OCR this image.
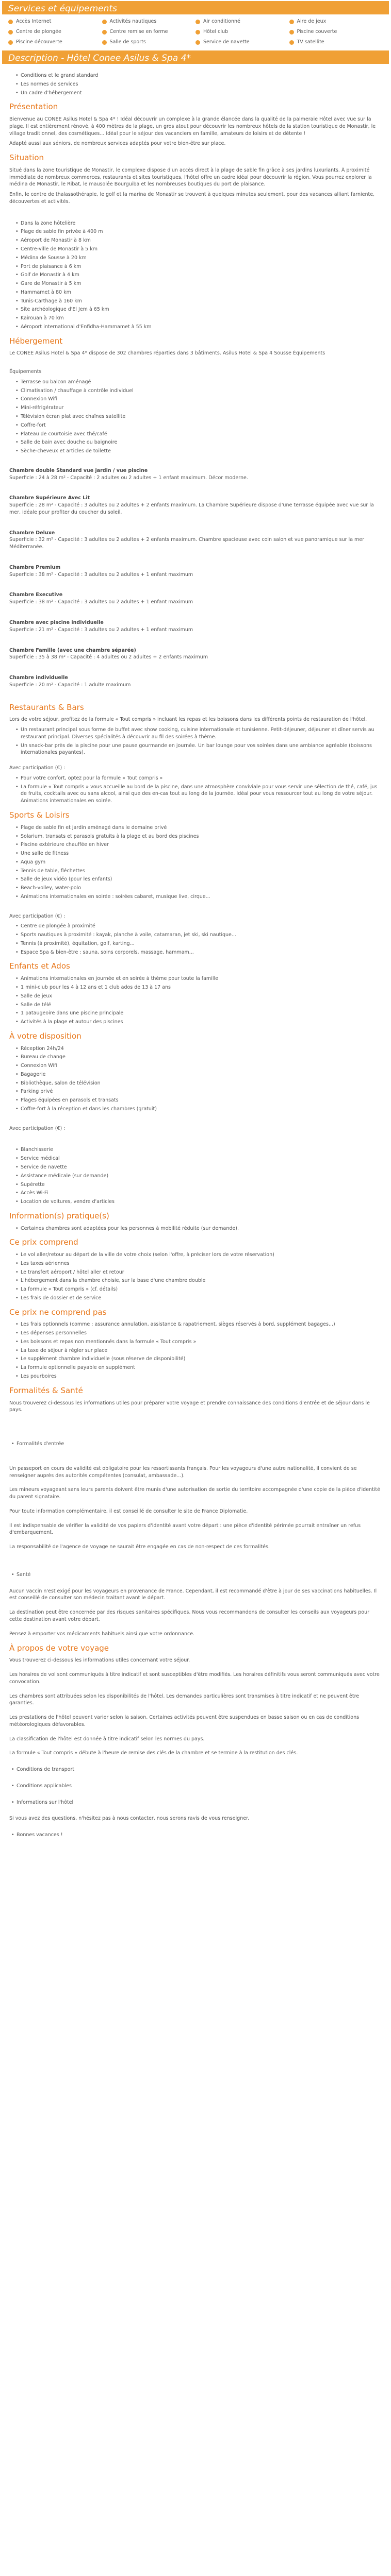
Services et équipements
Accès Internet	Activités nautiques	Air conditionné	Aire de jeux
Centre de plongée	Centre remise en forme	Hôtel club	Piscine couverte
Piscine découverte	Salle de sports	Service de navette	TV satellite
Description - Hôtel Conee Asilus & Spa 4*
• Conditions et le grand standard
• Les normes de services
• Un cadre d'hébergement
Présentation

Bienvenue au CONEE Asilus Hotel & Spa 4* ! Idéal découvrir un complexe à la grande élancée dans la qualité de la palmeraie Hôtel avec vue sur la plage. Il est entièrement rénové, à 400 mètres de la plage, un gros atout pour découvrir les nombreux hôtels de la station touristique de Monastir, le village traditionnel, des cosmétiques... Idéal pour le séjour des vacanciers en famille, amateurs de loisirs et de détente !

Adapté aussi aux séniors, de nombreux services adaptés pour votre bien-être sur place.

Situation

Situé dans la zone touristique de Monastir, le complexe dispose d'un accès direct à la plage de sable fin grâce à ses jardins luxuriants. À proximité immédiate de nombreux commerces, restaurants et sites touristiques, l'hôtel offre un cadre idéal pour découvrir la région. Vous pourrez explorer la médina de Monastir, le Ribat, le mausolée Bourguiba et les nombreuses boutiques du port de plaisance.

Enfin, le centre de thalassothérapie, le golf et la marina de Monastir se trouvent à quelques minutes seulement, pour des vacances alliant farniente, découvertes et activités.

• Dans la zone hôtelière
• Plage de sable fin privée à 400 m
• Aéroport de Monastir à 8 km
• Centre-ville de Monastir à 5 km
• Médina de Sousse à 20 km
• Port de plaisance à 6 km
• Golf de Monastir à 4 km
• Gare de Monastir à 5 km
• Hammamet à 80 km
• Tunis-Carthage à 160 km
• Site archéologique d'El Jem à 65 km
• Kairouan à 70 km
• Aéroport international d'Enfidha-Hammamet à 55 km
Hébergement

Le CONEE Asilus Hotel & Spa 4* dispose de 302 chambres réparties dans 3 bâtiments. Asilus Hotel & Spa 4 Sousse Équipements

Équipements

• Terrasse ou balcon aménagé
• Climatisation / chauffage à contrôle individuel
• Connexion Wifi
• Mini-réfrigérateur
• Télévision écran plat avec chaînes satellite
• Coffre-fort
• Plateau de courtoisie avec thé/café
• Salle de bain avec douche ou baignoire
• Sèche-cheveux et articles de toilette
Chambre double Standard vue jardin / vue piscine
Superficie : 24 à 28 m² - Capacité : 2 adultes ou 2 adultes + 1 enfant maximum. Décor moderne.
Chambre Supérieure Avec Lit
Superficie : 28 m² - Capacité : 3 adultes ou 2 adultes + 2 enfants maximum. La Chambre Supérieure dispose d'une terrasse équipée avec vue sur la mer, idéale pour profiter du coucher du soleil.
Chambre Deluxe
Superficie : 32 m² - Capacité : 3 adultes ou 2 adultes + 2 enfants maximum. Chambre spacieuse avec coin salon et vue panoramique sur la mer Méditerranée.
Chambre Premium
Superficie : 38 m² - Capacité : 3 adultes ou 2 adultes + 1 enfant maximum
Chambre Executive
Superficie : 38 m² - Capacité : 3 adultes ou 2 adultes + 1 enfant maximum
Chambre avec piscine individuelle
Superficie : 21 m² - Capacité : 3 adultes ou 2 adultes + 1 enfant maximum
Chambre Famille (avec une chambre séparée)
Superficie : 35 à 38 m² - Capacité : 4 adultes ou 2 adultes + 2 enfants maximum
Chambre individuelle
Superficie : 20 m² - Capacité : 1 adulte maximum
Restaurants & Bars

Lors de votre séjour, profitez de la formule « Tout compris » incluant les repas et les boissons dans les différents points de restauration de l'hôtel.

• Un restaurant principal sous forme de buffet avec show cooking, cuisine internationale et tunisienne. Petit-déjeuner, déjeuner et dîner servis au restaurant principal. Diverses spécialités à découvrir au fil des soirées à thème.
• Un snack-bar près de la piscine pour une pause gourmande en journée. Un bar lounge pour vos soirées dans une ambiance agréable (boissons internationales payantes).

Avec participation (€) :

• Pour votre confort, optez pour la formule « Tout compris »
• La formule « Tout compris » vous accueille au bord de la piscine, dans une atmosphère conviviale pour vous servir une sélection de thé, café, jus de fruits, cocktails avec ou sans alcool, ainsi que des en-cas tout au long de la journée. Idéal pour vous ressourcer tout au long de votre séjour. Animations internationales en soirée.
Sports & Loisirs
• Plage de sable fin et jardin aménagé dans le domaine privé
• Solarium, transats et parasols gratuits à la plage et au bord des piscines
• Piscine extérieure chauffée en hiver
• Une salle de fitness
• Aqua gym
• Tennis de table, fléchettes
• Salle de jeux vidéo (pour les enfants)
• Beach-volley, water-polo
• Animations internationales en soirée : soirées cabaret, musique live, cirque...

Avec participation (€) :

• Centre de plongée à proximité
• Sports nautiques à proximité : kayak, planche à voile, catamaran, jet ski, ski nautique...
• Tennis (à proximité), équitation, golf, karting...
• Espace Spa & bien-être : sauna, soins corporels, massage, hammam...
Enfants et Ados
• Animations internationales en journée et en soirée à thème pour toute la famille
• 1 mini-club pour les 4 à 12 ans et 1 club ados de 13 à 17 ans
• Salle de jeux
• Salle de télé
• 1 pataugeoire dans une piscine principale
• Activités à la plage et autour des piscines
À votre disposition
• Réception 24h/24
• Bureau de change
• Connexion Wifi
• Bagagerie
• Bibliothèque, salon de télévision
• Parking privé
• Plages équipées en parasols et transats
• Coffre-fort à la réception et dans les chambres (gratuit)

Avec participation (€) :

• Blanchisserie
• Service médical
• Service de navette
• Assistance médicale (sur demande)
• Supérette
• Accès Wi-Fi
• Location de voitures, vendre d'articles
Information(s) pratique(s)
• Certaines chambres sont adaptées pour les personnes à mobilité réduite (sur demande).
Ce prix comprend
• Le vol aller/retour au départ de la ville de votre choix (selon l'offre, à préciser lors de votre réservation)
• Les taxes aériennes
• Le transfert aéroport / hôtel aller et retour
• L'hébergement dans la chambre choisie, sur la base d'une chambre double
• La formule « Tout compris » (cf. détails)
• Les frais de dossier et de service
Ce prix ne comprend pas
• Les frais optionnels (comme : assurance annulation, assistance & rapatriement, sièges réservés à bord, supplément bagages...)
• Les dépenses personnelles
• Les boissons et repas non mentionnés dans la formule « Tout compris »
• La taxe de séjour à régler sur place
• Le supplément chambre individuelle (sous réserve de disponibilité)
• La formule optionnelle payable en supplément
• Les pourboires
Formalités & Santé

Nous trouverez ci-dessous les informations utiles pour préparer votre voyage et prendre connaissance des conditions d'entrée et de séjour dans le pays.

• Formalités d'entrée

Un passeport en cours de validité est obligatoire pour les ressortissants français. Pour les voyageurs d'une autre nationalité, il convient de se renseigner auprès des autorités compétentes (consulat, ambassade...).

Les mineurs voyageant sans leurs parents doivent être munis d'une autorisation de sortie du territoire accompagnée d'une copie de la pièce d'identité du parent signataire.

Pour toute information complémentaire, il est conseillé de consulter le site de France Diplomatie.

Il est indispensable de vérifier la validité de vos papiers d'identité avant votre départ : une pièce d'identité périmée pourrait entraîner un refus d'embarquement.

La responsabilité de l'agence de voyage ne saurait être engagée en cas de non-respect de ces formalités.

• Santé

Aucun vaccin n'est exigé pour les voyageurs en provenance de France. Cependant, il est recommandé d'être à jour de ses vaccinations habituelles. Il est conseillé de consulter son médecin traitant avant le départ.

La destination peut être concernée par des risques sanitaires spécifiques. Nous vous recommandons de consulter les conseils aux voyageurs pour cette destination avant votre départ.

Pensez à emporter vos médicaments habituels ainsi que votre ordonnance.

À propos de votre voyage

Vous trouverez ci-dessous les informations utiles concernant votre séjour.

Les horaires de vol sont communiqués à titre indicatif et sont susceptibles d'être modifiés. Les horaires définitifs vous seront communiqués avec votre convocation.

Les chambres sont attribuées selon les disponibilités de l'hôtel. Les demandes particulières sont transmises à titre indicatif et ne peuvent être garanties.

Les prestations de l'hôtel peuvent varier selon la saison. Certaines activités peuvent être suspendues en basse saison ou en cas de conditions météorologiques défavorables.

La classification de l'hôtel est donnée à titre indicatif selon les normes du pays.

La formule « Tout compris » débute à l'heure de remise des clés de la chambre et se termine à la restitution des clés.

• Conditions de transport
• Conditions applicables
• Informations sur l'hôtel

Si vous avez des questions, n'hésitez pas à nous contacter, nous serons ravis de vous renseigner.

• Bonnes vacances !
